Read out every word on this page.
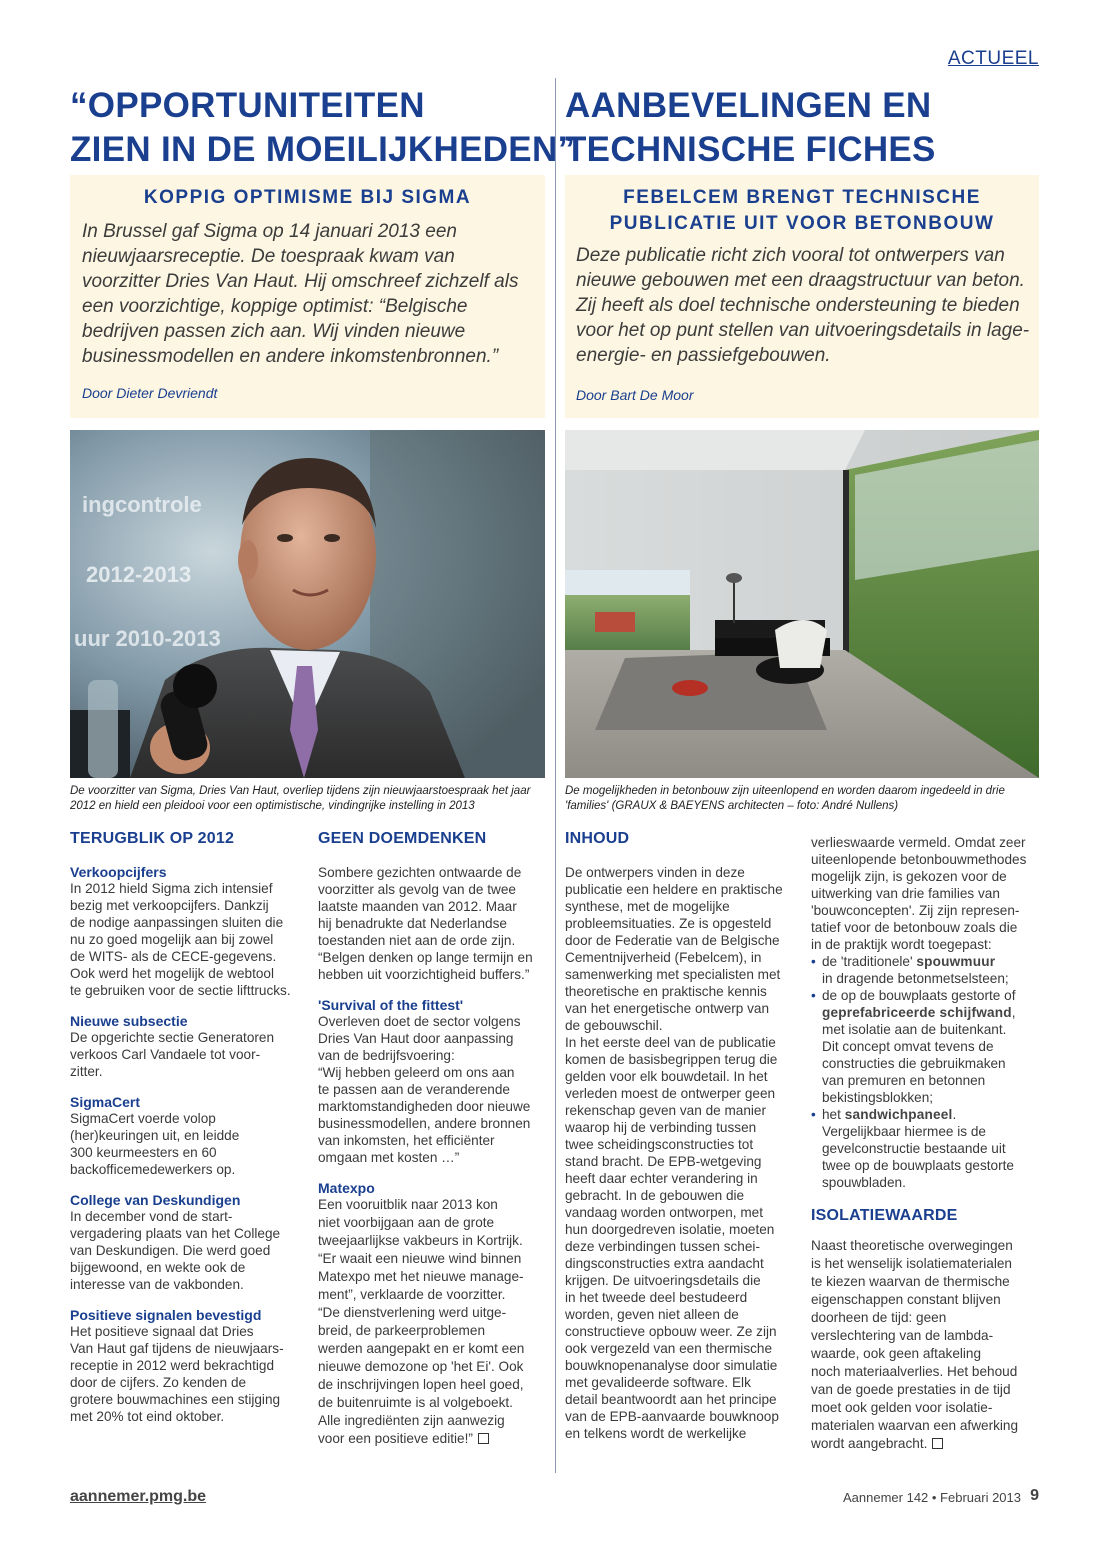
ACTUEEL
“OPPORTUNITEITEN
ZIEN IN DE MOEILIJKHEDEN”
KOPPIG OPTIMISME BIJ SIGMA
In Brussel gaf Sigma op 14 januari 2013 een nieuwjaarsreceptie. De toespraak kwam van voorzitter Dries Van Haut. Hij omschreef zichzelf als een voorzichtige, koppige optimist: “Belgische bedrijven passen zich aan. Wij vinden nieuwe businessmodellen en andere inkomstenbronnen.”
Door Dieter Devriendt
2012-2013
uur 2010-2013
ingcontrole
De voorzitter van Sigma, Dries Van Haut, overliep tijdens zijn nieuwjaarstoespraak het jaar 2012 en hield een pleidooi voor een optimistische, vindingrijke instelling in 2013
TERUGBLIK OP 2012
Verkoopcijfers
In 2012 hield Sigma zich intensief
bezig met verkoopcijfers. Dankzij
de nodige aanpassingen sluiten die
nu zo goed mogelijk aan bij zowel
de WITS- als de CECE-gegevens.
Ook werd het mogelijk de webtool
te gebruiken voor de sectie lifttrucks.
Nieuwe subsectie
De opgerichte sectie Generatoren
verkoos Carl Vandaele tot voor-
zitter.
SigmaCert
SigmaCert voerde volop
(her)keuringen uit, en leidde
300 keurmeesters en 60
backofficemedewerkers op.
College van Deskundigen
In december vond de start-
vergadering plaats van het College
van Deskundigen. Die werd goed
bijgewoond, en wekte ook de
interesse van de vakbonden.
Positieve signalen bevestigd
Het positieve signaal dat Dries
Van Haut gaf tijdens de nieuwjaars-
receptie in 2012 werd bekrachtigd
door de cijfers. Zo kenden de
grotere bouwmachines een stijging
met 20% tot eind oktober.
GEEN DOEMDENKEN
Sombere gezichten ontwaarde de
voorzitter als gevolg van de twee
laatste maanden van 2012. Maar
hij benadrukte dat Nederlandse
toestanden niet aan de orde zijn.
“Belgen denken op lange termijn en
hebben uit voorzichtigheid buffers.”
'Survival of the fittest'
Overleven doet de sector volgens
Dries Van Haut door aanpassing
van de bedrijfsvoering:
“Wij hebben geleerd om ons aan
te passen aan de veranderende
marktomstandigheden door nieuwe
businessmodellen, andere bronnen
van inkomsten, het efficiënter
omgaan met kosten …”
Matexpo
Een vooruitblik naar 2013 kon
niet voorbijgaan aan de grote
tweejaarlijkse vakbeurs in Kortrijk.
“Er waait een nieuwe wind binnen
Matexpo met het nieuwe manage-
ment”, verklaarde de voorzitter.
“De dienstverlening werd uitge-
breid, de parkeerproblemen
werden aangepakt en er komt een
nieuwe demozone op 'het Ei'. Ook
de inschrijvingen lopen heel goed,
de buitenruimte is al volgeboekt.
Alle ingrediënten zijn aanwezig
voor een positieve editie!”
AANBEVELINGEN EN
TECHNISCHE FICHES
FEBELCEM BRENGT TECHNISCHE
PUBLICATIE UIT VOOR BETONBOUW
Deze publicatie richt zich vooral tot ontwerpers van nieuwe gebouwen met een draagstructuur van beton. Zij heeft als doel technische ondersteuning te bieden voor het op punt stellen van uitvoeringsdetails in lage-energie- en passiefgebouwen.
Door Bart De Moor
De mogelijkheden in betonbouw zijn uiteenlopend en worden daarom ingedeeld in drie 'families' (GRAUX & BAEYENS architecten – foto: André Nullens)
INHOUD
De ontwerpers vinden in deze
publicatie een heldere en praktische
synthese, met de mogelijke
probleemsituaties. Ze is opgesteld
door de Federatie van de Belgische
Cementnijverheid (Febelcem), in
samenwerking met specialisten met
theoretische en praktische kennis
van het energetische ontwerp van
de gebouwschil.
In het eerste deel van de publicatie
komen de basisbegrippen terug die
gelden voor elk bouwdetail. In het
verleden moest de ontwerper geen
rekenschap geven van de manier
waarop hij de verbinding tussen
twee scheidingsconstructies tot
stand bracht. De EPB-wetgeving
heeft daar echter verandering in
gebracht. In de gebouwen die
vandaag worden ontworpen, met
hun doorgedreven isolatie, moeten
deze verbindingen tussen schei-
dingsconstructies extra aandacht
krijgen. De uitvoeringsdetails die
in het tweede deel bestudeerd
worden, geven niet alleen de
constructieve opbouw weer. Ze zijn
ook vergezeld van een thermische
bouwknopenanalyse door simulatie
met gevalideerde software. Elk
detail beantwoordt aan het principe
van de EPB-aanvaarde bouwknoop
en telkens wordt de werkelijke
verlieswaarde vermeld. Omdat zeer
uiteenlopende betonbouwmethodes
mogelijk zijn, is gekozen voor de
uitwerking van drie families van
'bouwconcepten'. Zij zijn represen-
tatief voor de betonbouw zoals die
in de praktijk wordt toegepast:
• de 'traditionele' spouwmuur
in dragende betonmetselsteen;
• de op de bouwplaats gestorte of
geprefabriceerde schijfwand,
met isolatie aan de buitenkant.
Dit concept omvat tevens de
constructies die gebruikmaken
van premuren en betonnen
bekistingsblokken;
• het sandwichpaneel.
Vergelijkbaar hiermee is de
gevelconstructie bestaande uit
twee op de bouwplaats gestorte
spouwbladen.
ISOLATIEWAARDE
Naast theoretische overwegingen
is het wenselijk isolatiematerialen
te kiezen waarvan de thermische
eigenschappen constant blijven
doorheen de tijd: geen
verslechtering van de lambda-
waarde, ook geen aftakeling
noch materiaalverlies. Het behoud
van de goede prestaties in de tijd
moet ook gelden voor isolatie-
materialen waarvan een afwerking
wordt aangebracht.
aannemer.pmg.be	Aannemer 142 • Februari 2013 9
